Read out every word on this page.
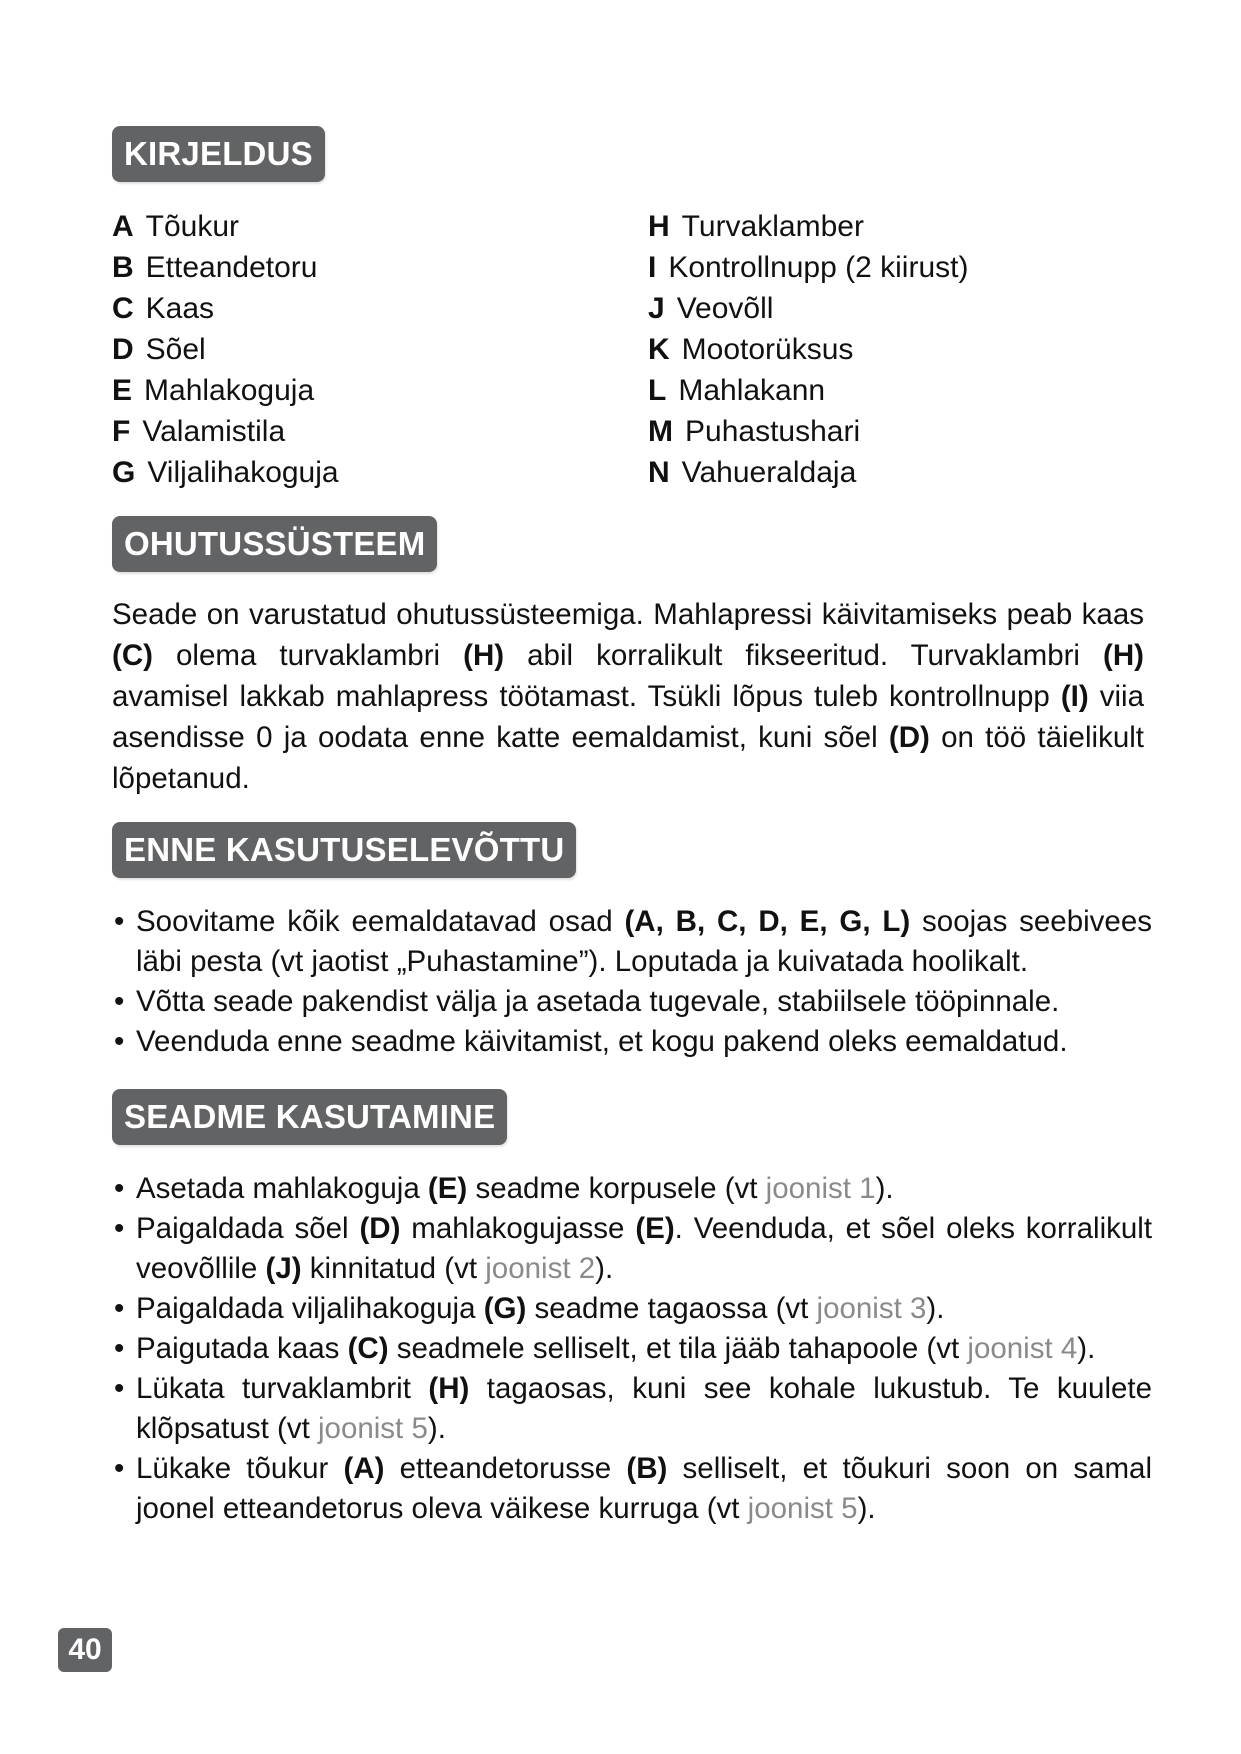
KIRJELDUS
A Tõukur
B Etteandetoru
C Kaas
D Sõel
E Mahlakoguja
F Valamistila
G Viljalihakoguja
H Turvaklamber
I Kontrollnupp (2 kiirust)
J Veovõll
K Mootorüksus
L Mahlakann
M Puhastushari
N Vahueraldaja
OHUTUSSÜSTEEM
Seade on varustatud ohutussüsteemiga. Mahlapressi käivitamiseks peab kaas (C) olema turvaklambri (H) abil korralikult fikseeritud. Turvaklambri (H) avamisel lakkab mahlapress töötamast. Tsükli lõpus tuleb kontrollnupp (I) viia asendisse 0 ja oodata enne katte eemaldamist, kuni sõel (D) on töö täielikult lõpetanud.
ENNE KASUTUSELEVÕTTU
• Soovitame kõik eemaldatavad osad (A, B, C, D, E, G, L) soojas seebivees läbi pesta (vt jaotist „Puhastamine”). Loputada ja kuivatada hoolikalt.
• Võtta seade pakendist välja ja asetada tugevale, stabiilsele tööpinnale.
• Veenduda enne seadme käivitamist, et kogu pakend oleks eemaldatud.
SEADME KASUTAMINE
• Asetada mahlakoguja (E) seadme korpusele (vt joonist 1).
• Paigaldada sõel (D) mahlakogujasse (E). Veenduda, et sõel oleks korralikult veovõllile (J) kinnitatud (vt joonist 2).
• Paigaldada viljalihakoguja (G) seadme tagaossa (vt joonist 3).
• Paigutada kaas (C) seadmele selliselt, et tila jääb tahapoole (vt joonist 4).
• Lükata turvaklambrit (H) tagaosas, kuni see kohale lukustub. Te kuulete klõpsatust (vt joonist 5).
• Lükake tõukur (A) etteandetorusse (B) selliselt, et tõukuri soon on samal joonel etteandetorus oleva väikese kurruga (vt joonist 5).
40
